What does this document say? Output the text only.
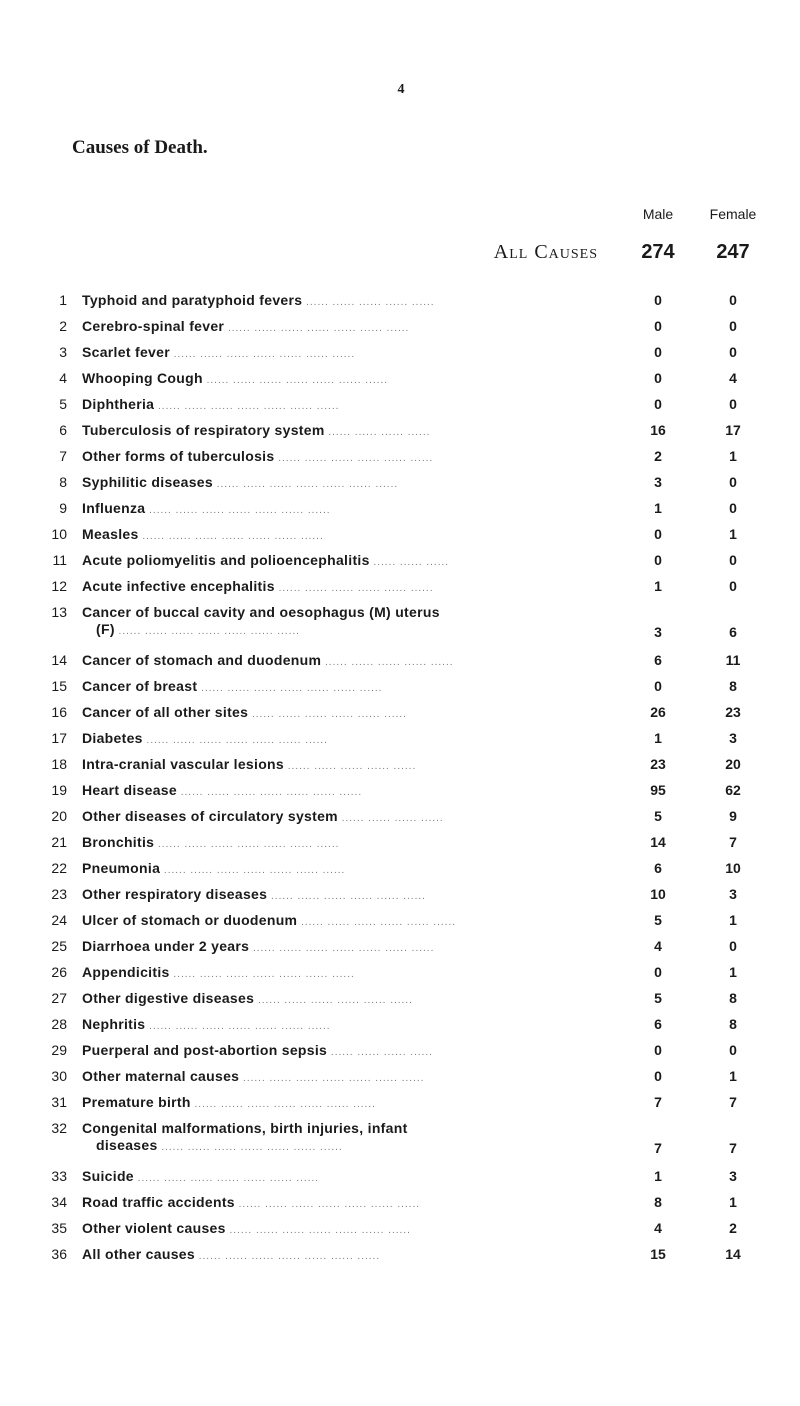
4
Causes of Death.
Male	Female
All Causes	274	247
1 Typhoid and paratyphoid fevers ...... ...... ...... ...... ......	0	0
2 Cerebro-spinal fever ...... ...... ...... ...... ...... ...... ......	0	0
3 Scarlet fever ...... ...... ...... ...... ...... ...... ......	0	0
4 Whooping Cough ...... ...... ...... ...... ...... ...... ......	0	4
5 Diphtheria ...... ...... ...... ...... ...... ...... ......	0	0
6 Tuberculosis of respiratory system ...... ...... ...... ......	16	17
7 Other forms of tuberculosis ...... ...... ...... ...... ...... ......	2	1
8 Syphilitic diseases ...... ...... ...... ...... ...... ...... ......	3	0
9 Influenza ...... ...... ...... ...... ...... ...... ......	1	0
10 Measles ...... ...... ...... ...... ...... ...... ......	0	1
11 Acute poliomyelitis and polioencephalitis ...... ...... ......	0	0
12 Acute infective encephalitis ...... ...... ...... ...... ...... ......	1	0
13 Cancer of buccal cavity and oesophagus (M) uterus
(F) ...... ...... ...... ...... ...... ...... ......	3	6
14 Cancer of stomach and duodenum ...... ...... ...... ...... ......	6	11
15 Cancer of breast ...... ...... ...... ...... ...... ...... ......	0	8
16 Cancer of all other sites ...... ...... ...... ...... ...... ......	26	23
17 Diabetes ...... ...... ...... ...... ...... ...... ......	1	3
18 Intra-cranial vascular lesions ...... ...... ...... ...... ......	23	20
19 Heart disease ...... ...... ...... ...... ...... ...... ......	95	62
20 Other diseases of circulatory system ...... ...... ...... ......	5	9
21 Bronchitis ...... ...... ...... ...... ...... ...... ......	14	7
22 Pneumonia ...... ...... ...... ...... ...... ...... ......	6	10
23 Other respiratory diseases ...... ...... ...... ...... ...... ......	10	3
24 Ulcer of stomach or duodenum ...... ...... ...... ...... ...... ......	5	1
25 Diarrhoea under 2 years ...... ...... ...... ...... ...... ...... ......	4	0
26 Appendicitis ...... ...... ...... ...... ...... ...... ......	0	1
27 Other digestive diseases ...... ...... ...... ...... ...... ......	5	8
28 Nephritis ...... ...... ...... ...... ...... ...... ......	6	8
29 Puerperal and post-abortion sepsis ...... ...... ...... ......	0	0
30 Other maternal causes ...... ...... ...... ...... ...... ...... ......	0	1
31 Premature birth ...... ...... ...... ...... ...... ...... ......	7	7
32 Congenital malformations, birth injuries, infant
diseases ...... ...... ...... ...... ...... ...... ......	7	7
33 Suicide ...... ...... ...... ...... ...... ...... ......	1	3
34 Road traffic accidents ...... ...... ...... ...... ...... ...... ......	8	1
35 Other violent causes ...... ...... ...... ...... ...... ...... ......	4	2
36 All other causes ...... ...... ...... ...... ...... ...... ......	15	14
